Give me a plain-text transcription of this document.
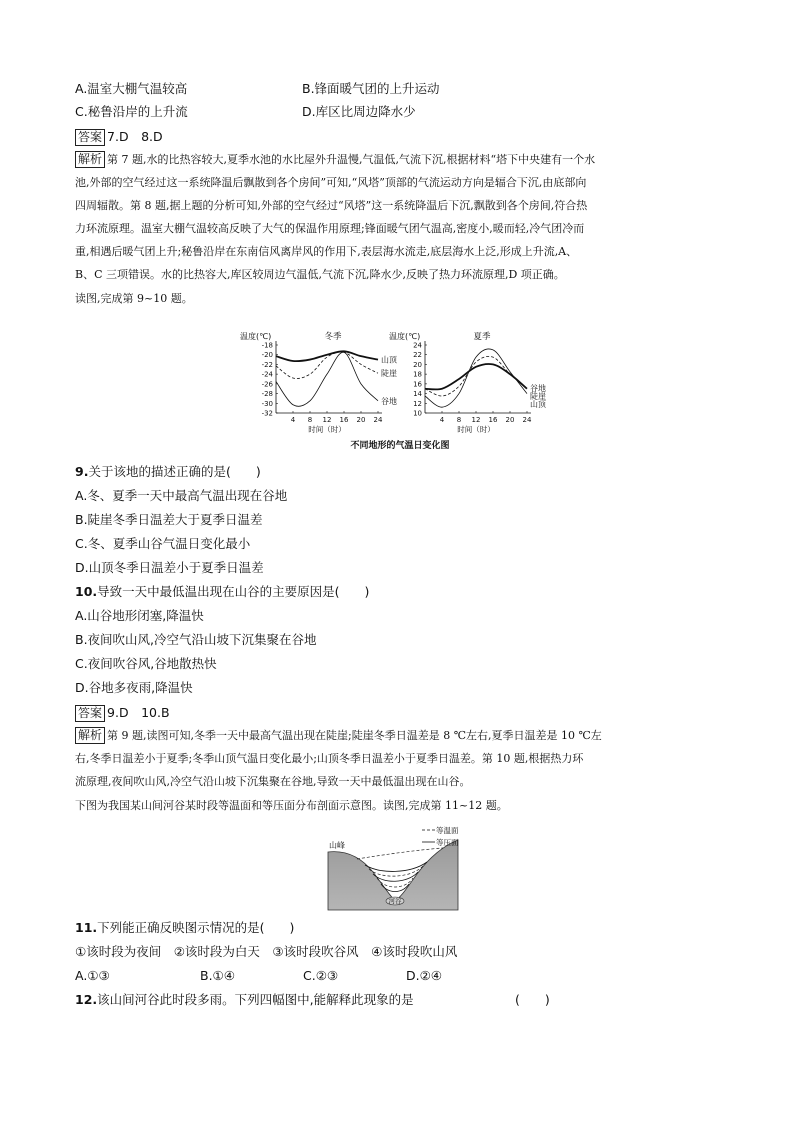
A.温室大棚气温较高	B.锋面暖气团的上升运动
C.秘鲁沿岸的上升流	D.库区比周边降水少
答案 7.D　8.D
解析 第 7 题,水的比热容较大,夏季水池的水比屋外升温慢,气温低,气流下沉,根据材料“塔下中央建有一个水
池,外部的空气经过这一系统降温后飘散到各个房间”可知,“风塔”顶部的气流运动方向是辐合下沉,由底部向
四周辐散。第 8 题,据上题的分析可知,外部的空气经过“风塔”这一系统降温后下沉,飘散到各个房间,符合热
力环流原理。温室大棚气温较高反映了大气的保温作用原理;锋面暖气团气温高,密度小,暖而轻,冷气团冷而
重,相遇后暖气团上升;秘鲁沿岸在东南信风离岸风的作用下,表层海水流走,底层海水上泛,形成上升流,A、
B、C 三项错误。水的比热容大,库区较周边气温低,气流下沉,降水少,反映了热力环流原理,D 项正确。
读图,完成第 9~10 题。
温度(℃)	冬季
-18
-20
-22
-24
-26
-28
-30
-32
4 8 12 16 20 24
时间（时）
山顶
陡崖
谷地
温度(℃)	夏季
24
22
20
18
16
14
12
10
4 8 12 16 20 24
时间（时）
谷地
陡崖
山顶
不同地形的气温日变化图
9.关于该地的描述正确的是(　　)
A.冬、夏季一天中最高气温出现在谷地
B.陡崖冬季日温差大于夏季日温差
C.冬、夏季山谷气温日变化最小
D.山顶冬季日温差小于夏季日温差
10.导致一天中最低温出现在山谷的主要原因是(　　)
A.山谷地形闭塞,降温快
B.夜间吹山风,冷空气沿山坡下沉集聚在谷地
C.夜间吹谷风,谷地散热快
D.谷地多夜雨,降温快
答案 9.D　10.B
解析 第 9 题,读图可知,冬季一天中最高气温出现在陡崖;陡崖冬季日温差是 8 ℃左右,夏季日温差是 10 ℃左
右,冬季日温差小于夏季;冬季山顶气温日变化最小;山顶冬季日温差小于夏季日温差。第 10 题,根据热力环
流原理,夜间吹山风,冷空气沿山坡下沉集聚在谷地,导致一天中最低温出现在山谷。
下图为我国某山间河谷某时段等温面和等压面分布剖面示意图。读图,完成第 11~12 题。
河谷
山峰
等温面
等压面
11.下列能正确反映图示情况的是(　　)
①该时段为夜间　②该时段为白天　③该时段吹谷风　④该时段吹山风
A.①③	B.①④	C.②③	D.②④
12.该山间河谷此时段多雨。下列四幅图中,能解释此现象的是	(　　)
